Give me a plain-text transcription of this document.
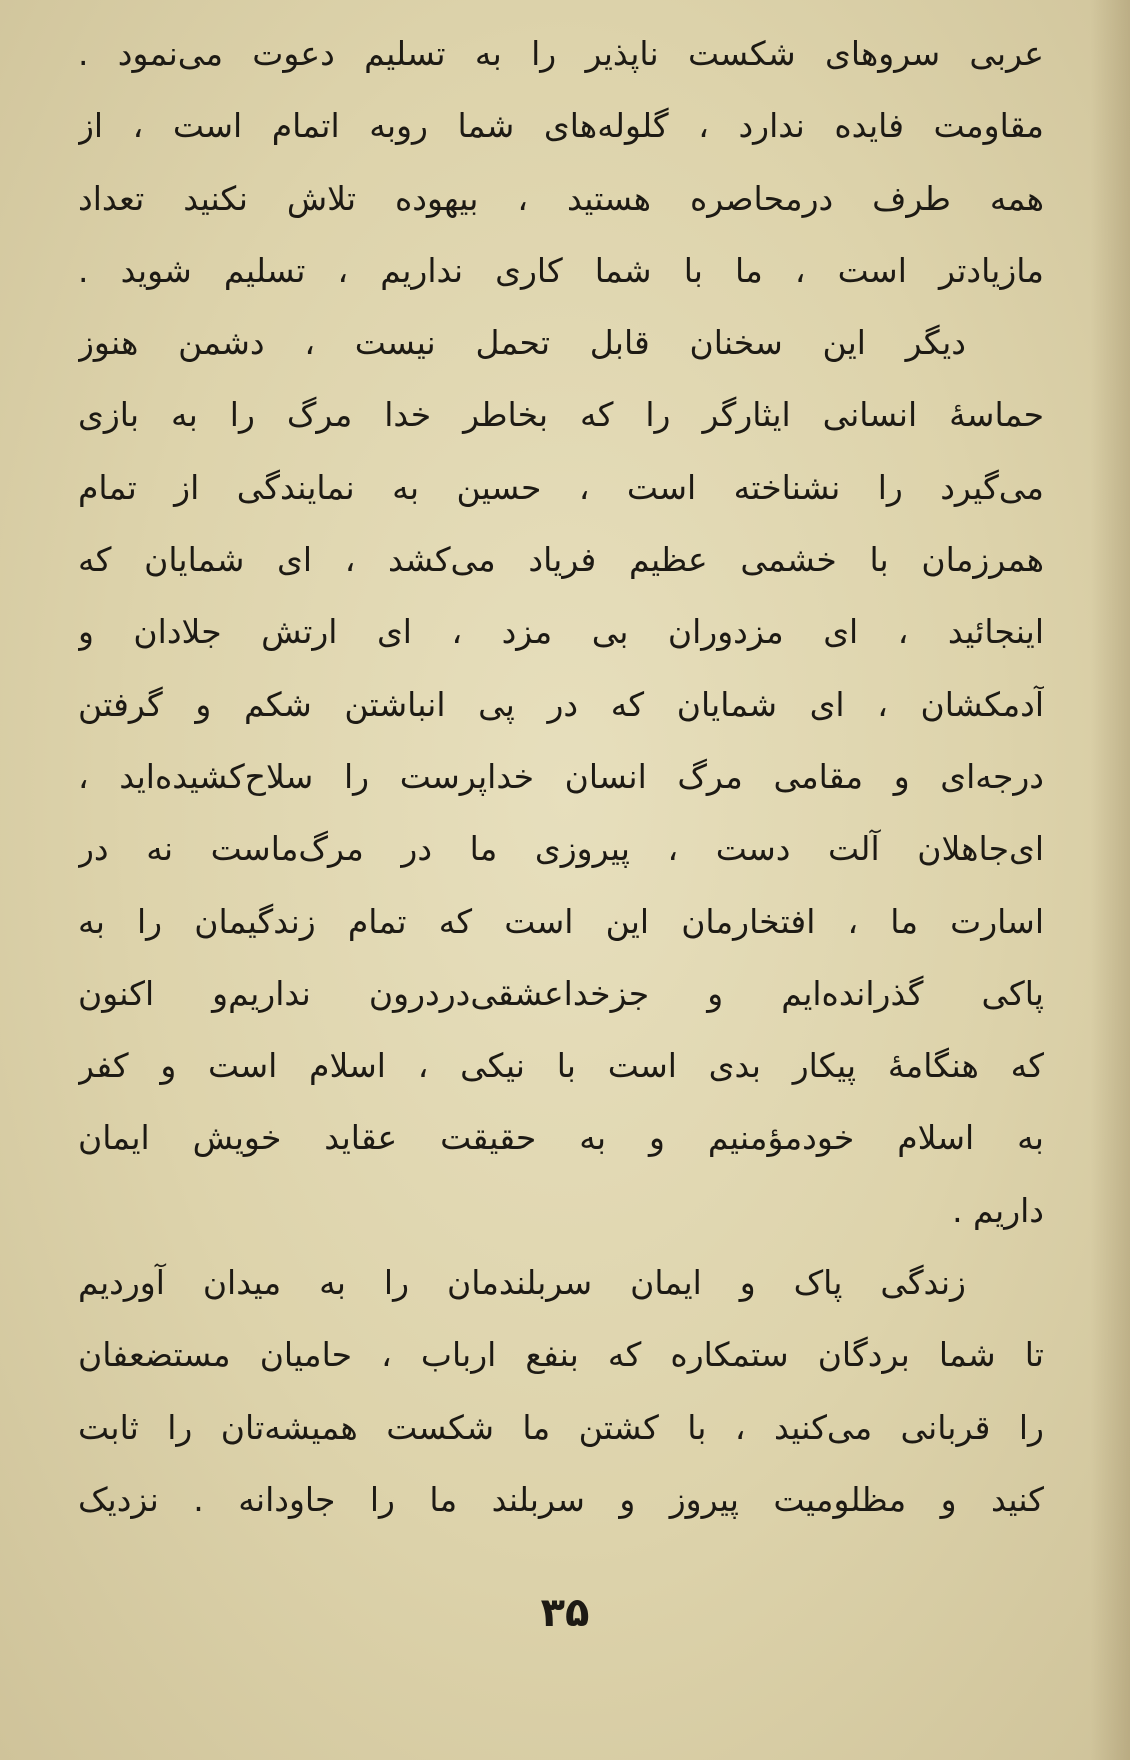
عربی سروهای شکست ناپذیر را به تسلیم دعوت می‌نمود .
مقاومت فایده ندارد ، گلوله‌های شما روبه اتمام است ، از
همه طرف درمحاصره هستید ، بیهوده تلاش نکنید تعداد
مازیادتر است ، ما با شما کاری نداریم ، تسلیم شوید .
دیگر این سخنان قابل تحمل نیست ، دشمن هنوز
حماسهٔ انسانی ایثارگر را که بخاطر خدا مرگ را به بازی
می‌گیرد را نشناخته است ، حسین به نمایندگی از تمام
همرزمان با خشمی عظیم فریاد می‌کشد ، ای شمایان که
اینجائید ، ای مزدوران بی مزد ، ای ارتش جلادان و
آدمکشان ، ای شمایان که در پی انباشتن شکم و گرفتن
درجه‌ای و مقامی مرگ انسان خداپرست را سلاح‌کشیده‌اید ،
ای‌جاهلان آلت دست ، پیروزی ما در مرگ‌ماست نه در
اسارت ما ، افتخارمان این است که تمام زندگیمان را به
پاکی گذرانده‌ایم و جزخداعشقی‌دردرون نداریم‌و اکنون
که هنگامهٔ پیکار بدی است با نیکی ، اسلام است و کفر
به اسلام خودمؤمنیم و به حقیقت عقاید خویش ایمان
داریم .
زندگی پاک و ایمان سربلندمان را به میدان آوردیم
تا شما بردگان ستمکاره که بنفع ارباب ، حامیان مستضعفان
را قربانی می‌کنید ، با کشتن ما شکست همیشه‌تان را ثابت
کنید و مظلومیت پیروز و سربلند ما را جاودانه . نزدیک
۳۵
